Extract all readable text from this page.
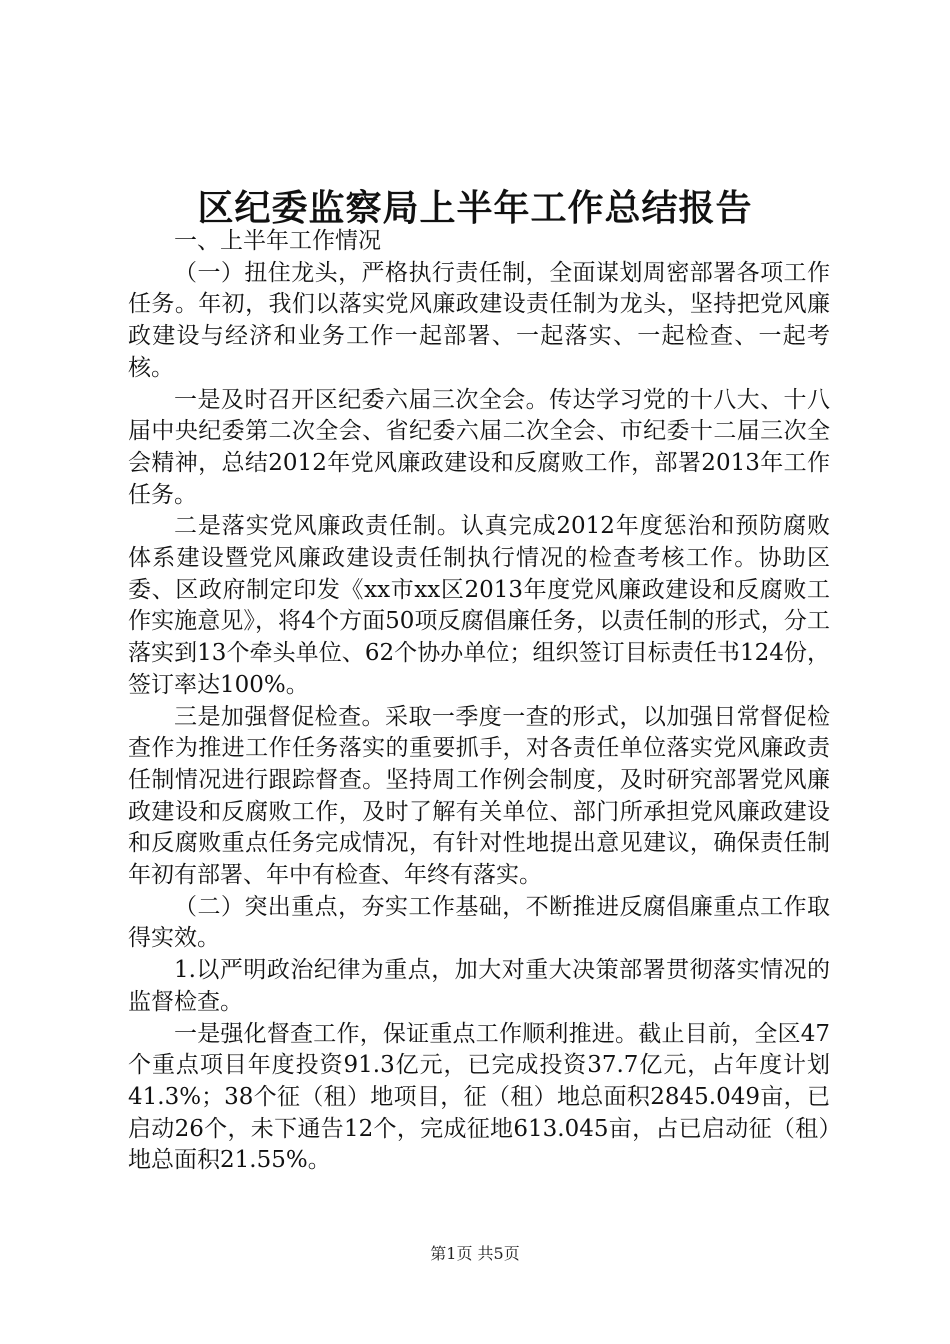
区纪委监察局上半年工作总结报告

一、上半年工作情况

（一）扭住龙头，严格执行责任制，全面谋划周密部署各项工作任务。年初，我们以落实党风廉政建设责任制为龙头，坚持把党风廉政建设与经济和业务工作一起部署、一起落实、一起检查、一起考核。

一是及时召开区纪委六届三次全会。传达学习党的十八大、十八届中央纪委第二次全会、省纪委六届二次全会、市纪委十二届三次全会精神，总结2012年党风廉政建设和反腐败工作，部署2013年工作任务。

二是落实党风廉政责任制。认真完成2012年度惩治和预防腐败体系建设暨党风廉政建设责任制执行情况的检查考核工作。协助区委、区政府制定印发《xx市xx区2013年度党风廉政建设和反腐败工作实施意见》，将4个方面50项反腐倡廉任务，以责任制的形式，分工落实到13个牵头单位、62个协办单位；组织签订目标责任书124份，签订率达100%。

三是加强督促检查。采取一季度一查的形式，以加强日常督促检查作为推进工作任务落实的重要抓手，对各责任单位落实党风廉政责任制情况进行跟踪督查。坚持周工作例会制度，及时研究部署党风廉政建设和反腐败工作，及时了解有关单位、部门所承担党风廉政建设和反腐败重点任务完成情况，有针对性地提出意见建议，确保责任制年初有部署、年中有检查、年终有落实。

（二）突出重点，夯实工作基础，不断推进反腐倡廉重点工作取得实效。

1.以严明政治纪律为重点，加大对重大决策部署贯彻落实情况的监督检查。

一是强化督查工作，保证重点工作顺利推进。截止目前，全区47个重点项目年度投资91.3亿元，已完成投资37.7亿元，占年度计划41.3%；38个征（租）地项目，征（租）地总面积2845.049亩，已启动26个，未下通告12个，完成征地613.045亩，占已启动征（租）地总面积21.55%。

第1页 共5页
